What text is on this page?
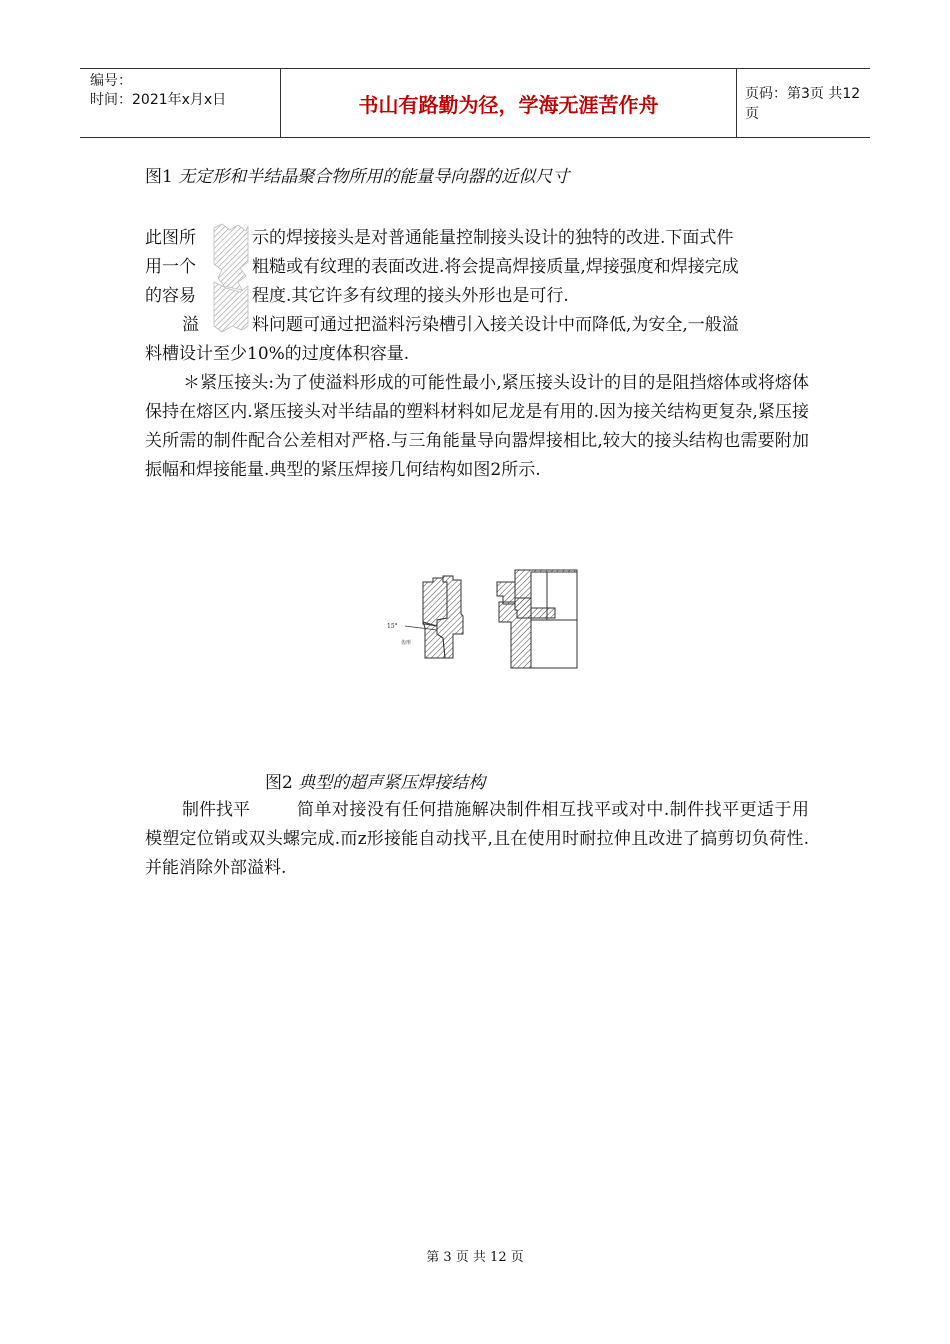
编号：
时间：2021年x月x日	书山有路勤为径，学海无涯苦作舟	页码：第3页 共12页
图1 无定形和半结晶聚合物所用的能量导向器的近似尺寸
此图所
用一个
的容易
示的焊接接头是对普通能量控制接头设计的独特的改进.下面式件
粗糙或有纹理的表面改进.将会提高焊接质量,焊接强度和焊接完成
程度.其它许多有纹理的接头外形也是可行.
溢	料问题可通过把溢料污染槽引入接关设计中而降低,为安全,一般溢
料槽设计至少10%的过度体积容量.

＊紧压接头:为了使溢料形成的可能性最小,紧压接头设计的目的是阻挡熔体或将熔体保持在熔区内.紧压接头对半结晶的塑料材料如尼龙是有用的.因为接关结构更复杂,紧压接关所需的制件配合公差相对严格.与三角能量导向嚣焊接相比,较大的接头结构也需要附加振幅和焊接能量.典型的紧压焊接几何结构如图2所示.

15°
齿形
图2 典型的超声紧压焊接结构
制件找平	简单对接没有任何措施解决制件相互找平或对中.制件找平更适于用模塑定位销或双头螺完成.而z形接能自动找平,且在使用时耐拉伸且改进了搞剪切负荷性.并能消除外部溢料.

第 3 页 共 12 页
